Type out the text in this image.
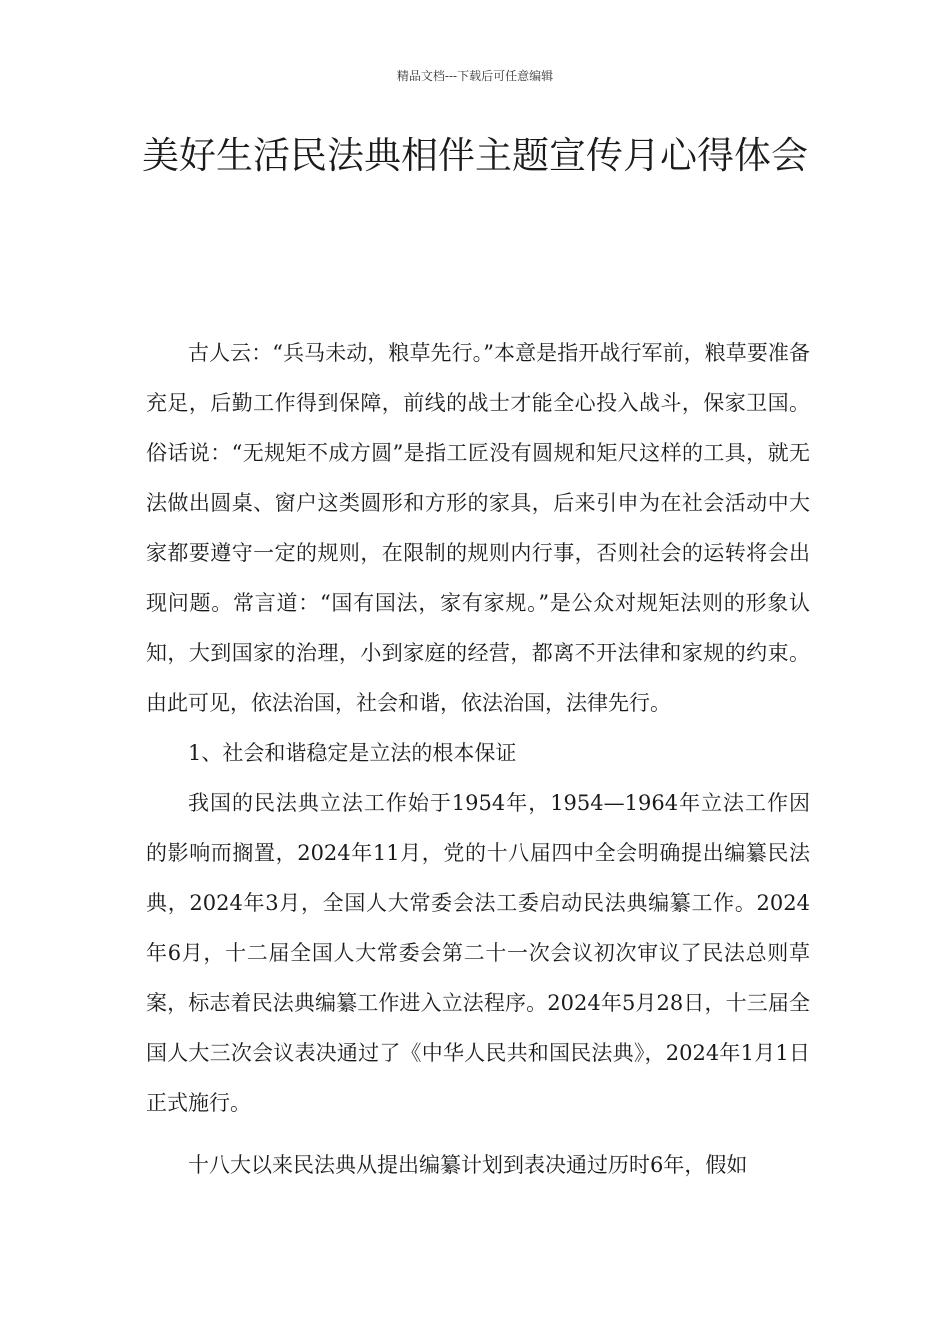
精品文档---下载后可任意编辑
美好生活民法典相伴主题宣传月心得体会

古人云：“兵马未动，粮草先行。”本意是指开战行军前，粮草要准备充足，后勤工作得到保障，前线的战士才能全心投入战斗，保家卫国。俗话说：“无规矩不成方圆”是指工匠没有圆规和矩尺这样的工具，就无法做出圆桌、窗户这类圆形和方形的家具，后来引申为在社会活动中大家都要遵守一定的规则，在限制的规则内行事，否则社会的运转将会出现问题。常言道：“国有国法，家有家规。”是公众对规矩法则的形象认知，大到国家的治理，小到家庭的经营，都离不开法律和家规的约束。由此可见，依法治国，社会和谐，依法治国，法律先行。

1、社会和谐稳定是立法的根本保证

我国的民法典立法工作始于1954年，1954—1964年立法工作因的影响而搁置，2024年11月，党的十八届四中全会明确提出编纂民法典，2024年3月，全国人大常委会法工委启动民法典编纂工作。2024年6月，十二届全国人大常委会第二十一次会议初次审议了民法总则草案，标志着民法典编纂工作进入立法程序。2024年5月28日，十三届全国人大三次会议表决通过了《中华人民共和国民法典》，2024年1月1日正式施行。

十八大以来民法典从提出编纂计划到表决通过历时6年，假如
